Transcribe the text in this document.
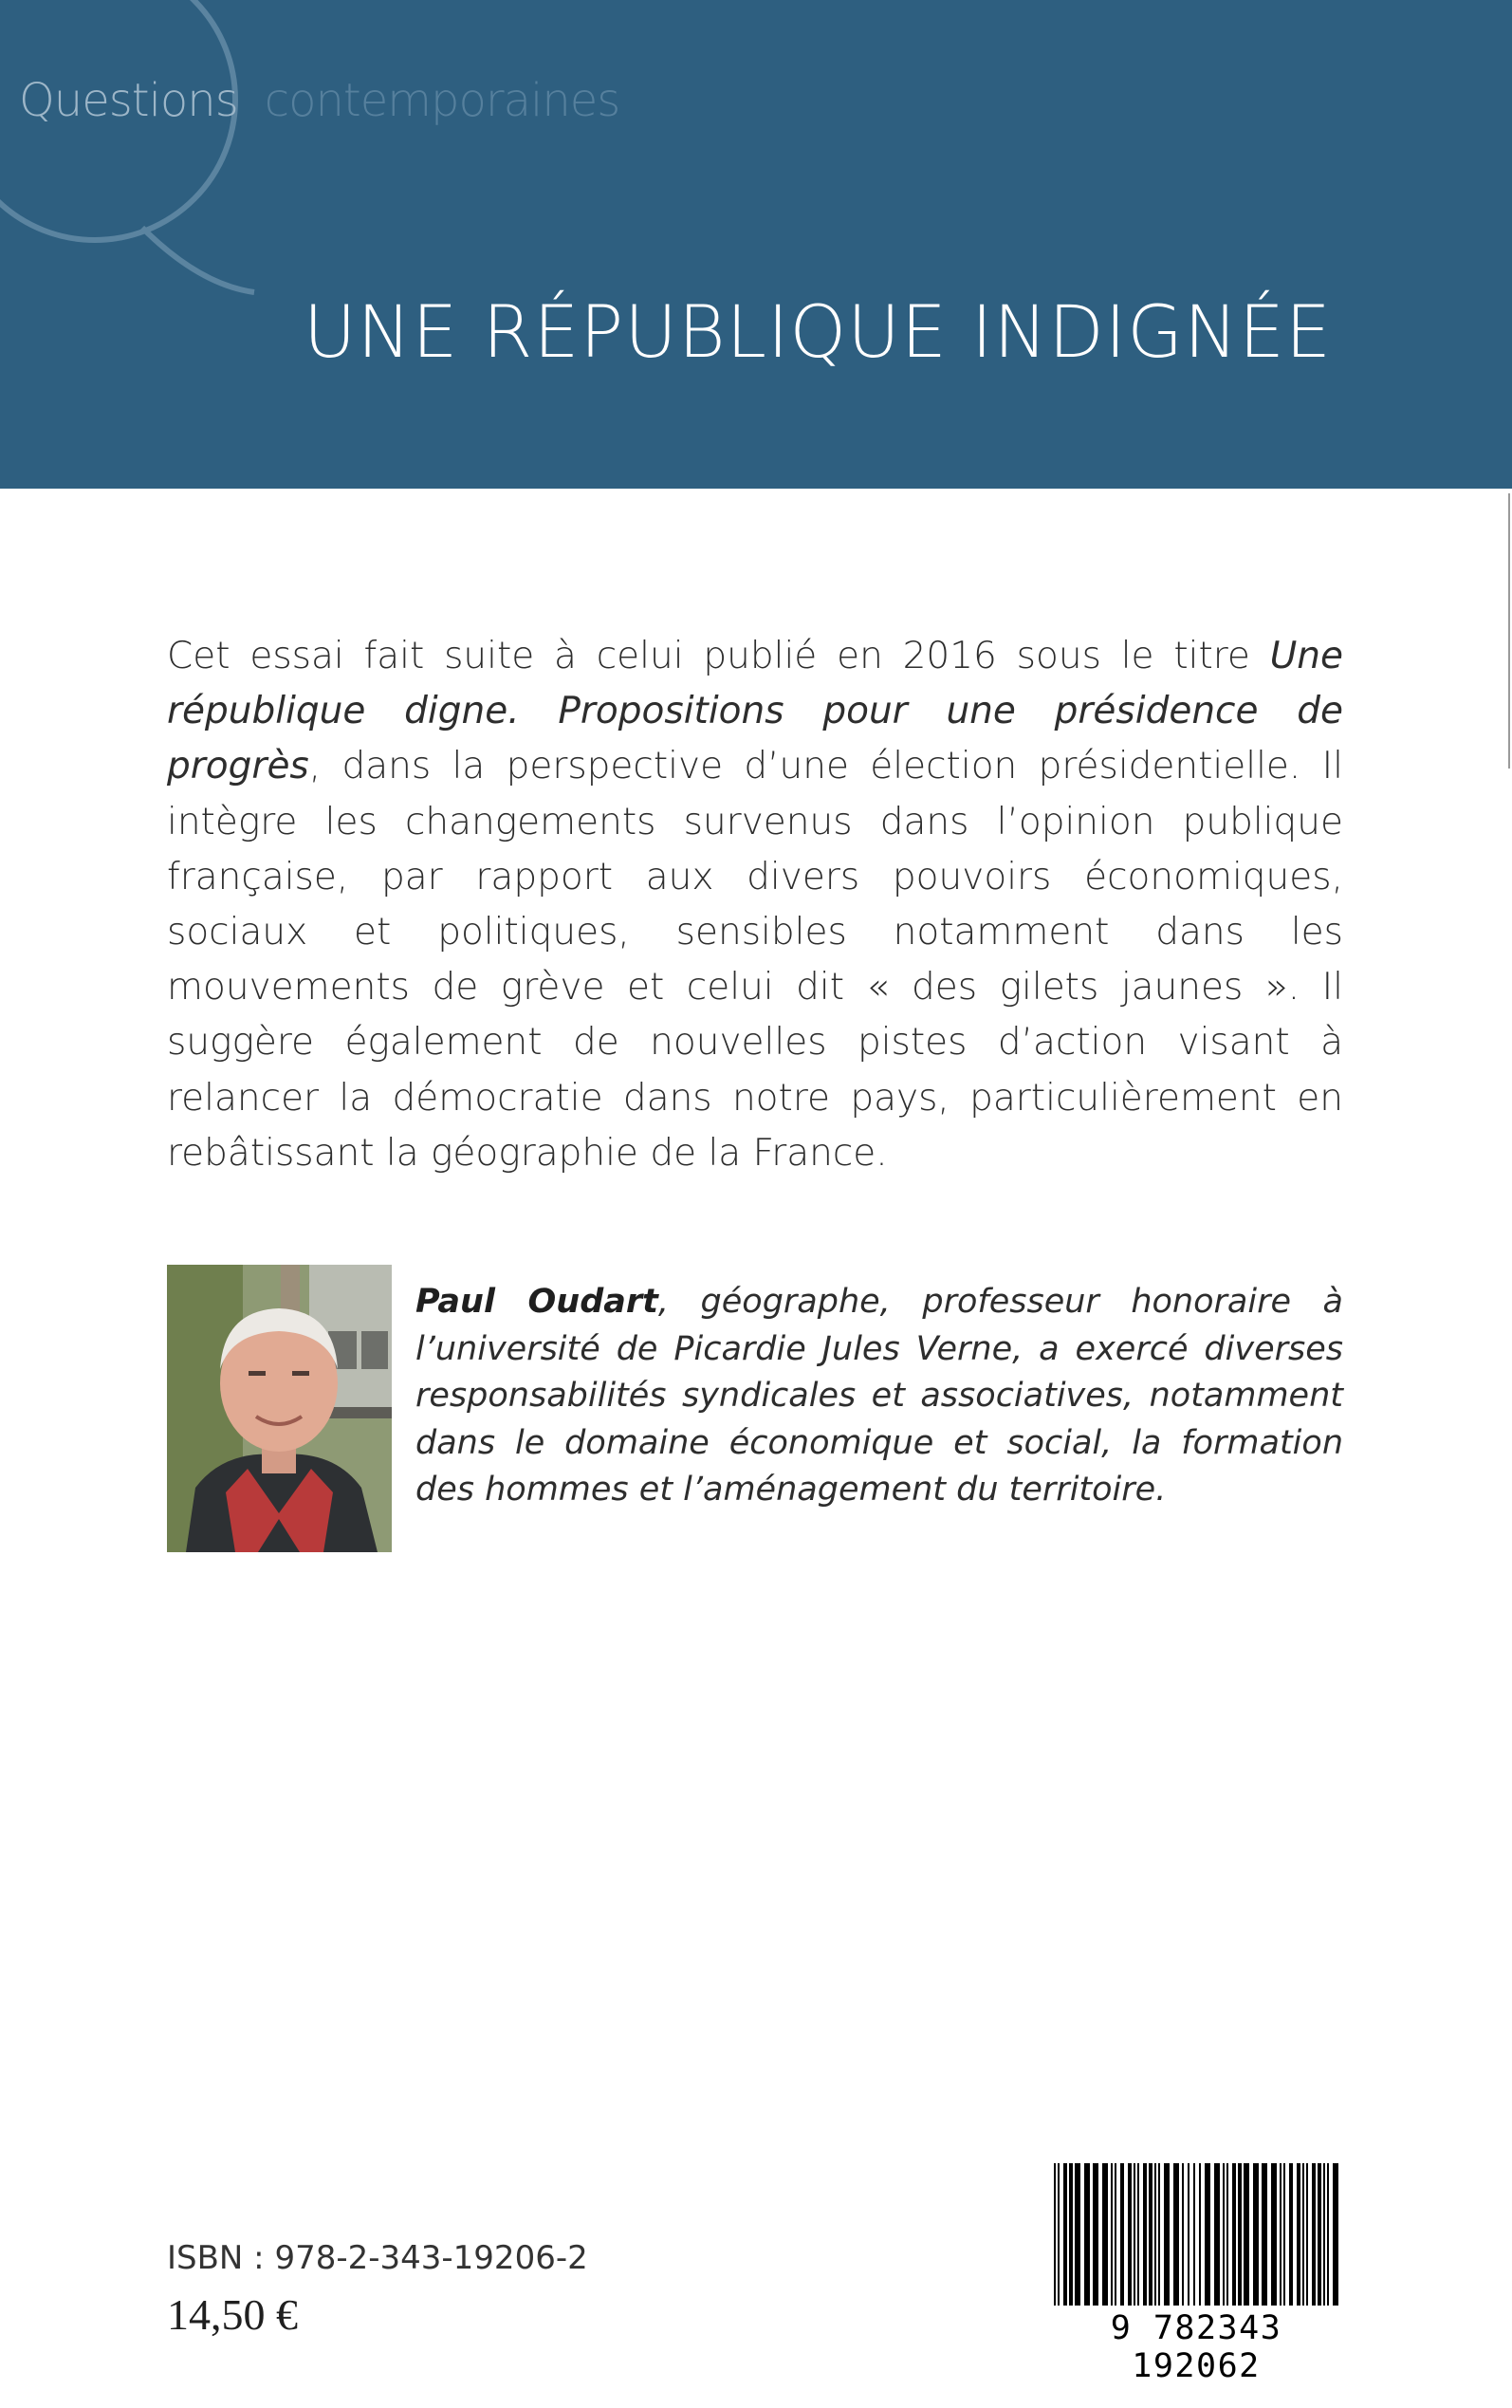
Questions contemporaines
UNE RÉPUBLIQUE INDIGNÉE
Cet essai fait suite à celui publié en 2016 sous le titre Une république digne. Propositions pour une présidence de progrès, dans la perspective d’une élection présidentielle. Il intègre les changements survenus dans l’opinion publique française, par rapport aux divers pouvoirs économiques, sociaux et politiques, sensibles notamment dans les mouvements de grève et celui dit « des gilets jaunes ». Il suggère également de nouvelles pistes d’action visant à relancer la démocratie dans notre pays, particulièrement en rebâtissant la géographie de la France.
Paul Oudart, géographe, professeur honoraire à l’université de Picardie Jules Verne, a exercé diverses responsabilités syndicales et associatives, notamment dans le domaine économique et social, la formation des hommes et l’aménagement du territoire.
ISBN : 978-2-343-19206-2
14,50 €	9 782343 192062
